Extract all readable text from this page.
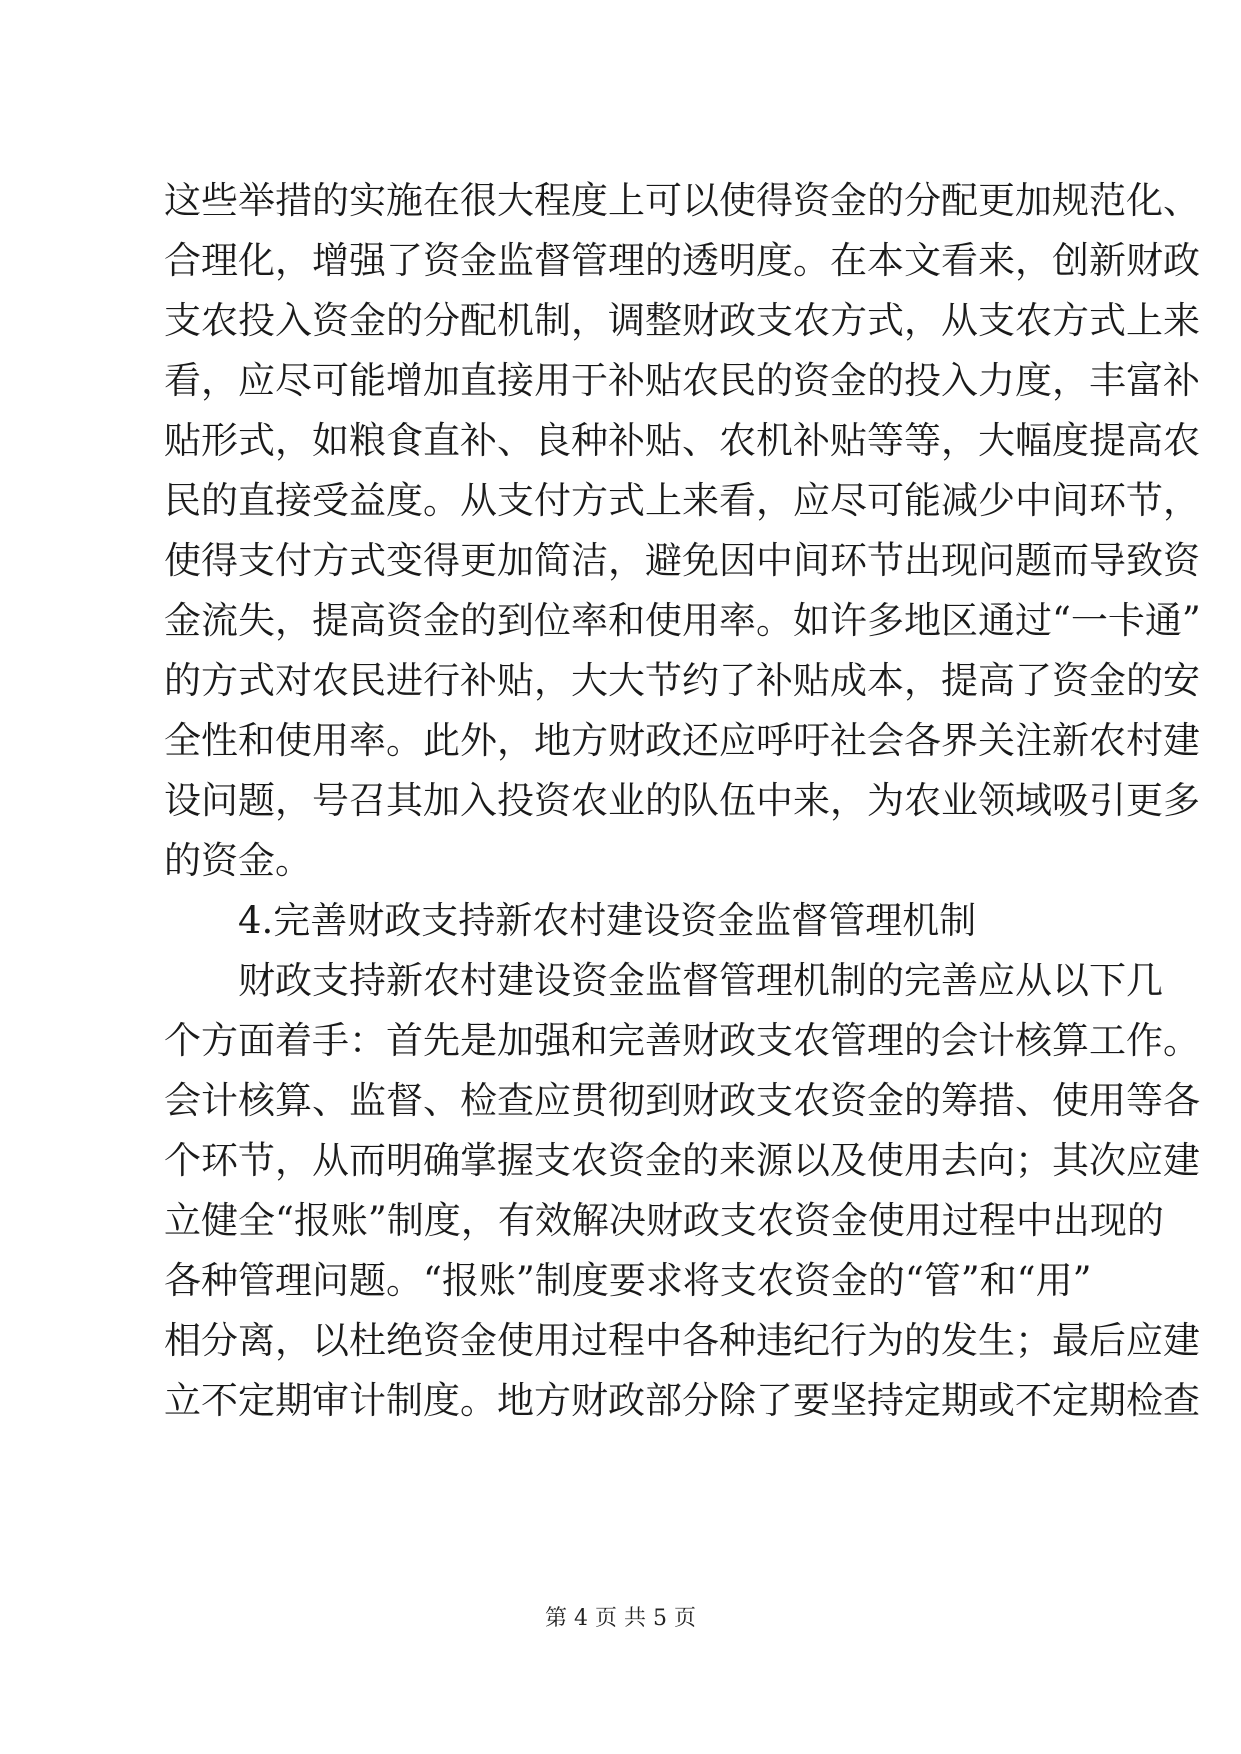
这些举措的实施在很大程度上可以使得资金的分配更加规范化、
合理化，增强了资金监督管理的透明度。在本文看来，创新财政
支农投入资金的分配机制，调整财政支农方式，从支农方式上来
看，应尽可能增加直接用于补贴农民的资金的投入力度，丰富补
贴形式，如粮食直补、良种补贴、农机补贴等等，大幅度提高农
民的直接受益度。从支付方式上来看，应尽可能减少中间环节，
使得支付方式变得更加简洁，避免因中间环节出现问题而导致资
金流失，提高资金的到位率和使用率。如许多地区通过“一卡通”
的方式对农民进行补贴，大大节约了补贴成本，提高了资金的安
全性和使用率。此外，地方财政还应呼吁社会各界关注新农村建
设问题，号召其加入投资农业的队伍中来，为农业领域吸引更多
的资金。
4.完善财政支持新农村建设资金监督管理机制
财政支持新农村建设资金监督管理机制的完善应从以下几
个方面着手：首先是加强和完善财政支农管理的会计核算工作。
会计核算、监督、检查应贯彻到财政支农资金的筹措、使用等各
个环节，从而明确掌握支农资金的来源以及使用去向；其次应建
立健全“报账”制度，有效解决财政支农资金使用过程中出现的
各种管理问题。“报账”制度要求将支农资金的“管”和“用”
相分离，以杜绝资金使用过程中各种违纪行为的发生；最后应建
立不定期审计制度。地方财政部分除了要坚持定期或不定期检查
第 4 页 共 5 页
